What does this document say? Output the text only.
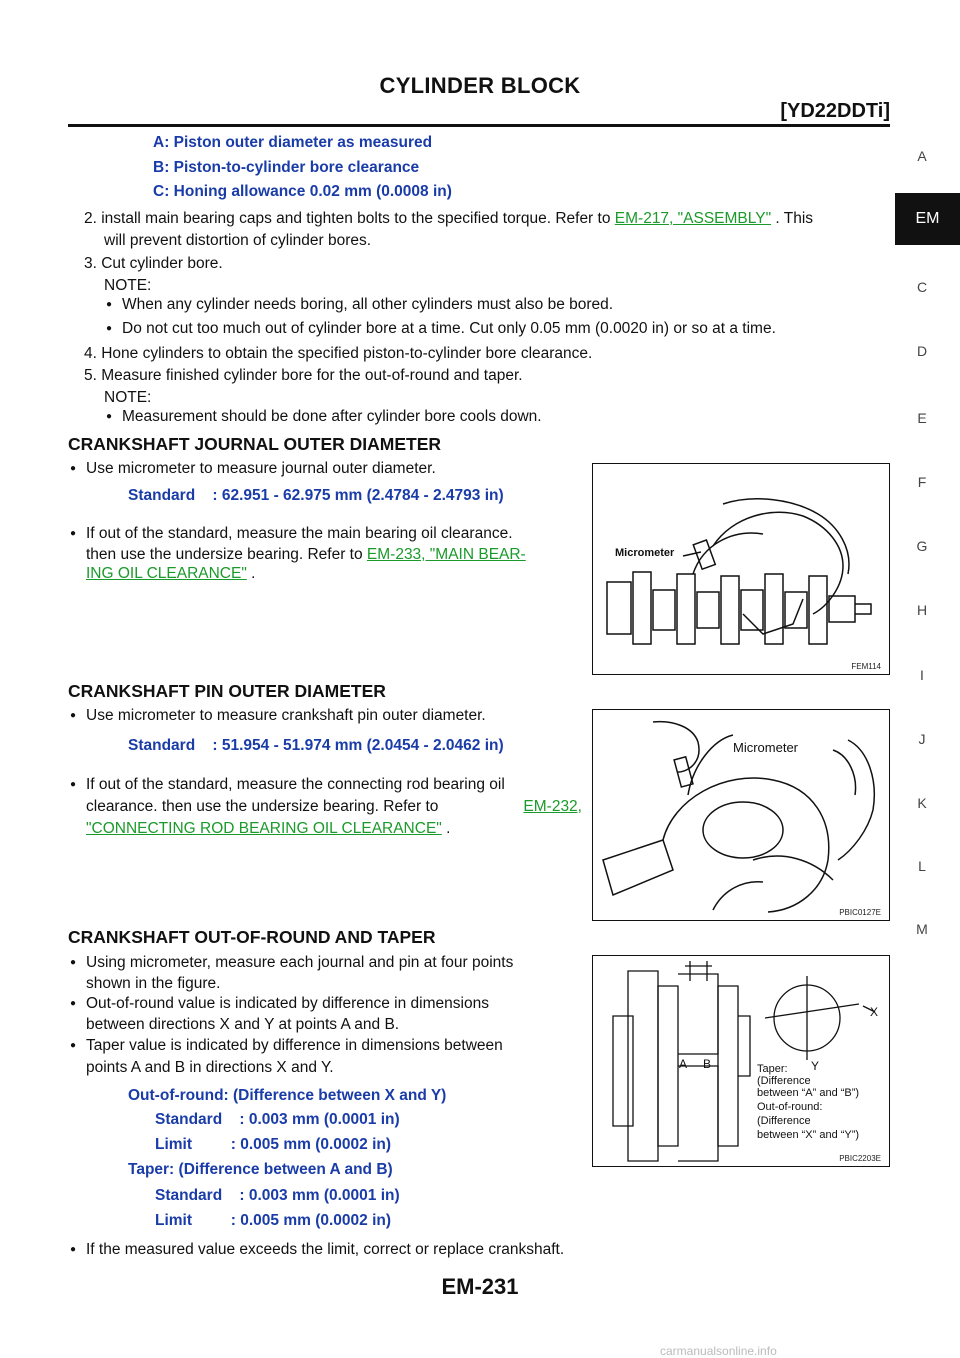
CYLINDER BLOCK
[YD22DDTi]
A
EM
C
D
E
F
G
H
I
J
K
L
M
A: Piston outer diameter as measured
B: Piston-to-cylinder bore clearance
C: Honing allowance 0.02 mm (0.0008 in)
2. install main bearing caps and tighten bolts to the specified torque. Refer to EM-217, "ASSEMBLY" . This
will prevent distortion of cylinder bores.
3. Cut cylinder bore.
NOTE:
● When any cylinder needs boring, all other cylinders must also be bored.
● Do not cut too much out of cylinder bore at a time. Cut only 0.05 mm (0.0020 in) or so at a time.
4. Hone cylinders to obtain the specified piston-to-cylinder bore clearance.
5. Measure finished cylinder bore for the out-of-round and taper.
NOTE:
● Measurement should be done after cylinder bore cools down.
CRANKSHAFT JOURNAL OUTER DIAMETER
● Use micrometer to measure journal outer diameter.
Standard    : 62.951 - 62.975 mm (2.4784 - 2.4793 in)
● If out of the standard, measure the main bearing oil clearance.
then use the undersize bearing. Refer to EM-233, "MAIN BEAR-
ING OIL CLEARANCE" .
Micrometer
FEM114
CRANKSHAFT PIN OUTER DIAMETER
● Use micrometer to measure crankshaft pin outer diameter.
Standard    : 51.954 - 51.974 mm (2.0454 - 2.0462 in)
● If out of the standard, measure the connecting rod bearing oil
clearance. then use the undersize bearing. Refer to	EM-232,
"CONNECTING ROD BEARING OIL CLEARANCE" .
Micrometer
PBIC0127E
CRANKSHAFT OUT-OF-ROUND AND TAPER
● Using micrometer, measure each journal and pin at four points
shown in the figure.
● Out-of-round value is indicated by difference in dimensions
between directions X and Y at points A and B.
● Taper value is indicated by difference in dimensions between
points A and B in directions X and Y.
Out-of-round: (Difference between X and Y)
Standard    : 0.003 mm (0.0001 in)
Limit         : 0.005 mm (0.0002 in)
Taper: (Difference between A and B)
Standard    : 0.003 mm (0.0001 in)
Limit         : 0.005 mm (0.0002 in)
● If the measured value exceeds the limit, correct or replace crankshaft.
A B
X
Y
Taper:
(Difference
between “A” and “B”)
Out-of-round:
(Difference
between “X” and “Y”)
PBIC2203E
EM-231
carmanualsonline.info
